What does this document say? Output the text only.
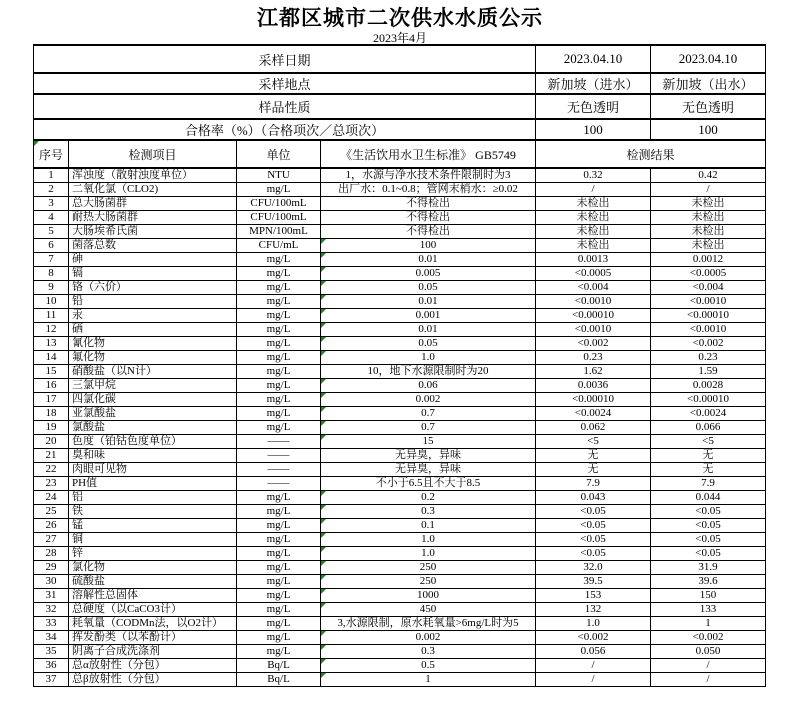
江都区城市二次供水水质公示
2023年4月
采样日期				2023.04.10	2023.04.10
采样地点				新加坡（进水）	新加坡（出水）
样品性质				无色透明	无色透明
合格率（%）（合格项次／总项次）				100	100
序号	检测项目	单位	《生活饮用水卫生标准》 GB5749	检测结果	
1	浑浊度（散射浊度单位）	NTU	1，水源与净水技术条件限制时为3	0.32	0.42
2	二氧化氯（CLO2)	mg/L	出厂水：0.1~0.8；管网末梢水：≥0.02	/	/
3	总大肠菌群	CFU/100mL	不得检出	未检出	未检出
4	耐热大肠菌群	CFU/100mL	不得检出	未检出	未检出
5	大肠埃希氏菌	MPN/100mL	不得检出	未检出	未检出
6	菌落总数	CFU/mL	100	未检出	未检出
7	砷	mg/L	0.01	0.0013	0.0012
8	镉	mg/L	0.005	<0.0005	<0.0005
9	铬（六价）	mg/L	0.05	<0.004	<0.004
10	铅	mg/L	0.01	<0.0010	<0.0010
11	汞	mg/L	0.001	<0.00010	<0.00010
12	硒	mg/L	0.01	<0.0010	<0.0010
13	氰化物	mg/L	0.05	<0.002	<0.002
14	氟化物	mg/L	1.0	0.23	0.23
15	硝酸盐（以N计）	mg/L	10，地下水源限制时为20	1.62	1.59
16	三氯甲烷	mg/L	0.06	0.0036	0.0028
17	四氯化碳	mg/L	0.002	<0.00010	<0.00010
18	亚氯酸盐	mg/L	0.7	<0.0024	<0.0024
19	氯酸盐	mg/L	0.7	0.062	0.066
20	色度（铂钴色度单位）	——	15	<5	<5
21	臭和味	——	无异臭，异味	无	无
22	肉眼可见物	——	无异臭，异味	无	无
23	PH值	——	不小于6.5且不大于8.5	7.9	7.9
24	铝	mg/L	0.2	0.043	0.044
25	铁	mg/L	0.3	<0.05	<0.05
26	锰	mg/L	0.1	<0.05	<0.05
27	铜	mg/L	1.0	<0.05	<0.05
28	锌	mg/L	1.0	<0.05	<0.05
29	氯化物	mg/L	250	32.0	31.9
30	硫酸盐	mg/L	250	39.5	39.6
31	溶解性总固体	mg/L	1000	153	150
32	总硬度（以CaCO3计）	mg/L	450	132	133
33	耗氧量（CODMn法，以O2计）	mg/L	3,水源限制，原水耗氧量>6mg/L时为5	1.0	1
34	挥发酚类（以苯酚计）	mg/L	0.002	<0.002	<0.002
35	阴离子合成洗涤剂	mg/L	0.3	0.056	0.050
36	总α放射性（分包）	Bq/L	0.5	/	/
37	总β放射性（分包）	Bq/L	1	/	/
